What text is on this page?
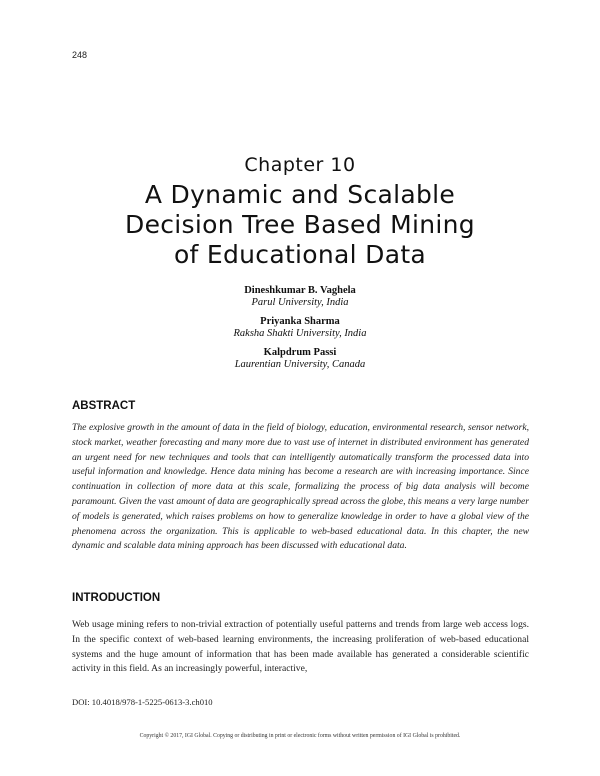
248
Chapter 10
A Dynamic and Scalable
Decision Tree Based Mining
of Educational Data
Dineshkumar B. Vaghela
Parul University, India
Priyanka Sharma
Raksha Shakti University, India
Kalpdrum Passi
Laurentian University, Canada
ABSTRACT
The explosive growth in the amount of data in the field of biology, education, environmental research, sensor network, stock market, weather forecasting and many more due to vast use of internet in distributed environment has generated an urgent need for new techniques and tools that can intelligently automatically transform the processed data into useful information and knowledge. Hence data mining has become a research are with increasing importance. Since continuation in collection of more data at this scale, formalizing the process of big data analysis will become paramount. Given the vast amount of data are geographically spread across the globe, this means a very large number of models is generated, which raises problems on how to generalize knowledge in order to have a global view of the phenomena across the organization. This is applicable to web-based educational data. In this chapter, the new dynamic and scalable data mining approach has been discussed with educational data.
INTRODUCTION
Web usage mining refers to non-trivial extraction of potentially useful patterns and trends from large web access logs. In the specific context of web-based learning environments, the increasing proliferation of web-based educational systems and the huge amount of information that has been made available has generated a considerable scientific activity in this field. As an increasingly powerful, interactive,
DOI: 10.4018/978-1-5225-0613-3.ch010
Copyright © 2017, IGI Global. Copying or distributing in print or electronic forms without written permission of IGI Global is prohibited.
